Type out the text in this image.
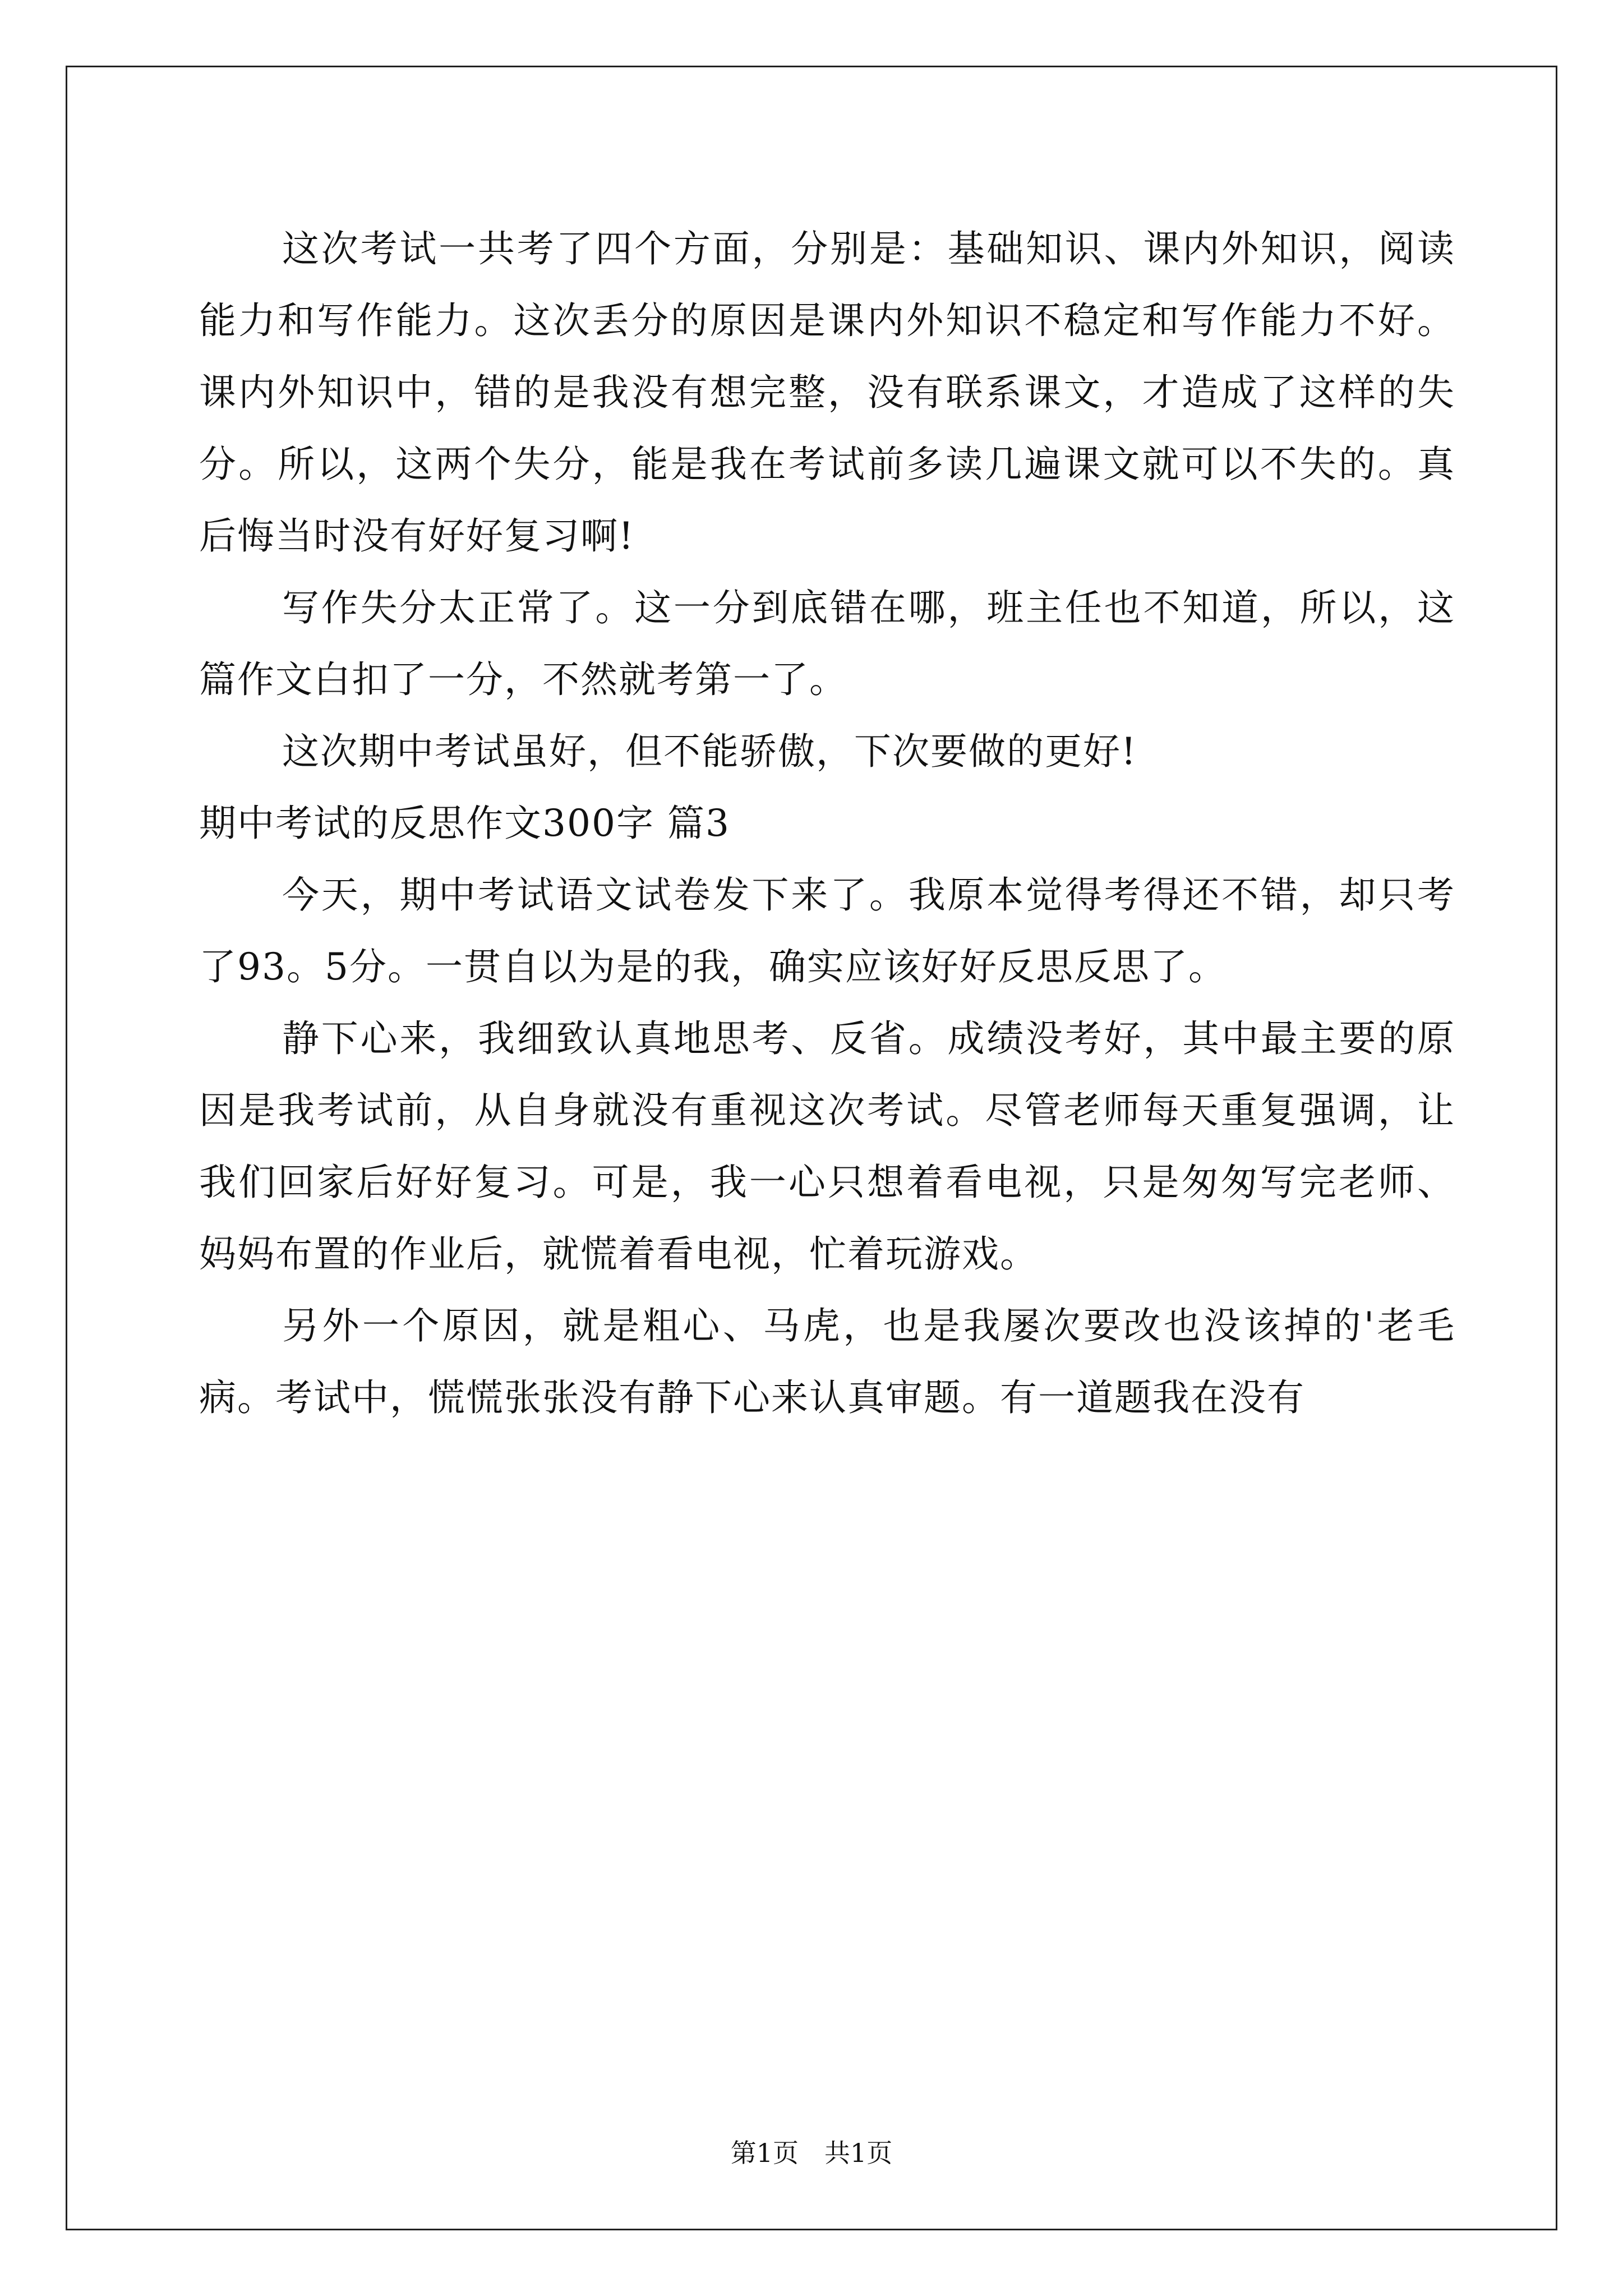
这次考试一共考了四个方面，分别是：基础知识、课内外知识，阅读能力和写作能力。这次丢分的原因是课内外知识不稳定和写作能力不好。课内外知识中，错的是我没有想完整，没有联系课文，才造成了这样的失分。所以，这两个失分，能是我在考试前多读几遍课文就可以不失的。真后悔当时没有好好复习啊!

写作失分太正常了。这一分到底错在哪，班主任也不知道，所以，这篇作文白扣了一分，不然就考第一了。

这次期中考试虽好，但不能骄傲，下次要做的更好!

期中考试的反思作文300字 篇3

今天，期中考试语文试卷发下来了。我原本觉得考得还不错，却只考了93。5分。一贯自以为是的我，确实应该好好反思反思了。

静下心来，我细致认真地思考、反省。成绩没考好，其中最主要的原因是我考试前，从自身就没有重视这次考试。尽管老师每天重复强调，让我们回家后好好复习。可是，我一心只想着看电视，只是匆匆写完老师、妈妈布置的作业后，就慌着看电视，忙着玩游戏。

另外一个原因，就是粗心、马虎，也是我屡次要改也没该掉的'老毛病。考试中，慌慌张张没有静下心来认真审题。有一道题我在没有

第1页　共1页
